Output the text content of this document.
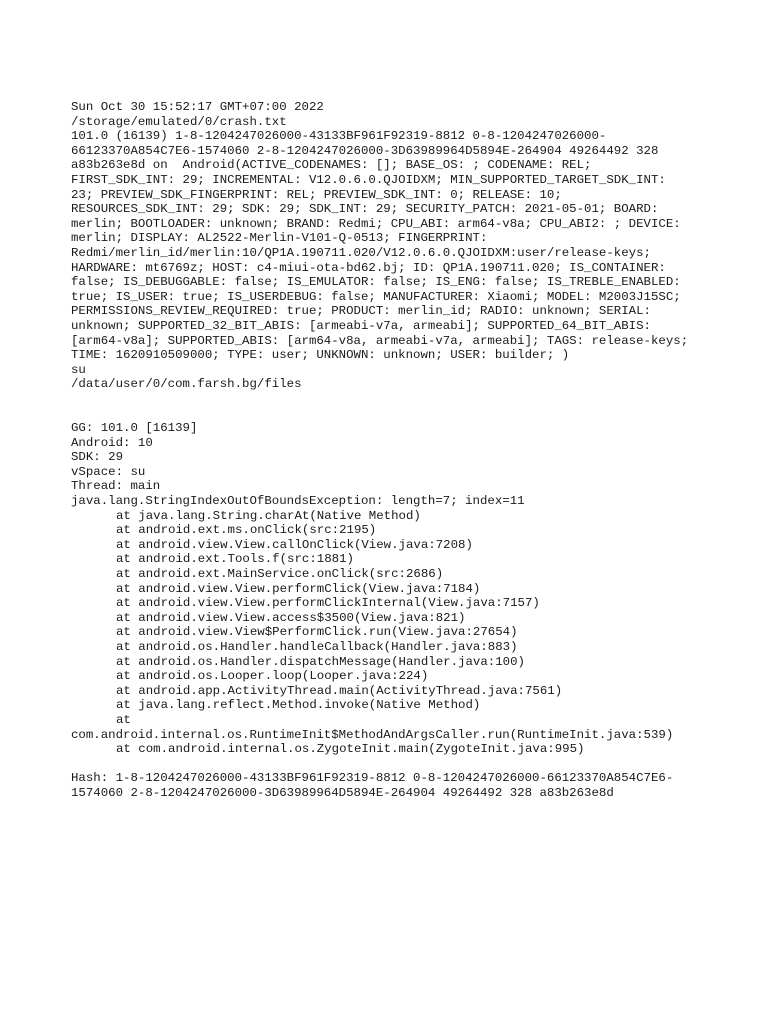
Sun Oct 30 15:52:17 GMT+07:00 2022
/storage/emulated/0/crash.txt
101.0 (16139) 1-8-1204247026000-43133BF961F92319-8812 0-8-1204247026000-
66123370A854C7E6-1574060 2-8-1204247026000-3D63989964D5894E-264904 49264492 328
a83b263e8d on  Android(ACTIVE_CODENAMES: []; BASE_OS: ; CODENAME: REL;
FIRST_SDK_INT: 29; INCREMENTAL: V12.0.6.0.QJOIDXM; MIN_SUPPORTED_TARGET_SDK_INT:
23; PREVIEW_SDK_FINGERPRINT: REL; PREVIEW_SDK_INT: 0; RELEASE: 10;
RESOURCES_SDK_INT: 29; SDK: 29; SDK_INT: 29; SECURITY_PATCH: 2021-05-01; BOARD:
merlin; BOOTLOADER: unknown; BRAND: Redmi; CPU_ABI: arm64-v8a; CPU_ABI2: ; DEVICE:
merlin; DISPLAY: AL2522-Merlin-V101-Q-0513; FINGERPRINT:
Redmi/merlin_id/merlin:10/QP1A.190711.020/V12.0.6.0.QJOIDXM:user/release-keys;
HARDWARE: mt6769z; HOST: c4-miui-ota-bd62.bj; ID: QP1A.190711.020; IS_CONTAINER:
false; IS_DEBUGGABLE: false; IS_EMULATOR: false; IS_ENG: false; IS_TREBLE_ENABLED:
true; IS_USER: true; IS_USERDEBUG: false; MANUFACTURER: Xiaomi; MODEL: M2003J15SC;
PERMISSIONS_REVIEW_REQUIRED: true; PRODUCT: merlin_id; RADIO: unknown; SERIAL:
unknown; SUPPORTED_32_BIT_ABIS: [armeabi-v7a, armeabi]; SUPPORTED_64_BIT_ABIS:
[arm64-v8a]; SUPPORTED_ABIS: [arm64-v8a, armeabi-v7a, armeabi]; TAGS: release-keys;
TIME: 1620910509000; TYPE: user; UNKNOWN: unknown; USER: builder; )
su
/data/user/0/com.farsh.bg/files
GG: 101.0 [16139]
Android: 10
SDK: 29
vSpace: su
Thread: main
java.lang.StringIndexOutOfBoundsException: length=7; index=11
at java.lang.String.charAt(Native Method)
at android.ext.ms.onClick(src:2195)
at android.view.View.callOnClick(View.java:7208)
at android.ext.Tools.f(src:1881)
at android.ext.MainService.onClick(src:2686)
at android.view.View.performClick(View.java:7184)
at android.view.View.performClickInternal(View.java:7157)
at android.view.View.access$3500(View.java:821)
at android.view.View$PerformClick.run(View.java:27654)
at android.os.Handler.handleCallback(Handler.java:883)
at android.os.Handler.dispatchMessage(Handler.java:100)
at android.os.Looper.loop(Looper.java:224)
at android.app.ActivityThread.main(ActivityThread.java:7561)
at java.lang.reflect.Method.invoke(Native Method)
at
com.android.internal.os.RuntimeInit$MethodAndArgsCaller.run(RuntimeInit.java:539)
at com.android.internal.os.ZygoteInit.main(ZygoteInit.java:995)
Hash: 1-8-1204247026000-43133BF961F92319-8812 0-8-1204247026000-66123370A854C7E6-
1574060 2-8-1204247026000-3D63989964D5894E-264904 49264492 328 a83b263e8d
